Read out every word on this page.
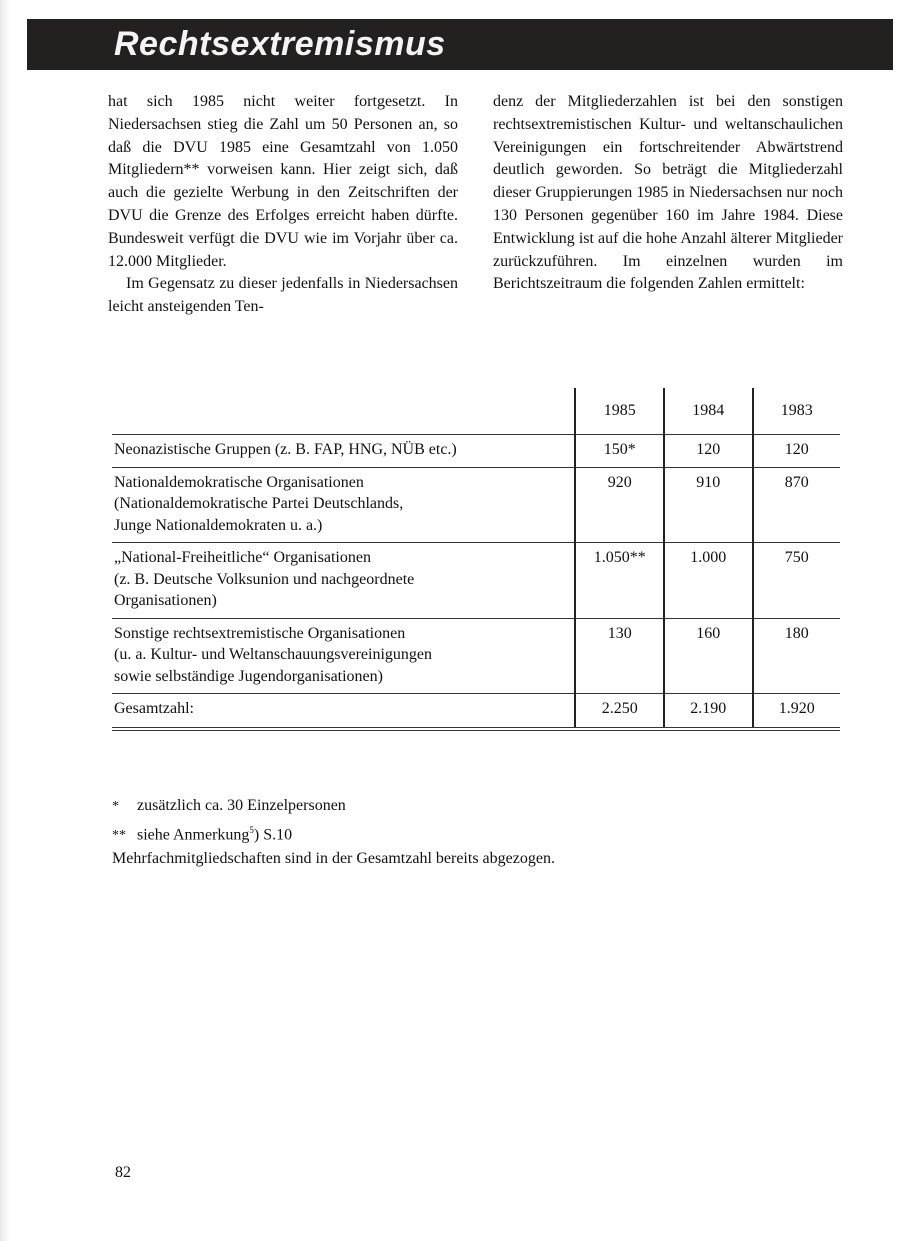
Rechtsextremismus

hat sich 1985 nicht weiter fortgesetzt. In Niedersachsen stieg die Zahl um 50 Personen an, so daß die DVU 1985 eine Gesamtzahl von 1.050 Mitgliedern** vorweisen kann. Hier zeigt sich, daß auch die gezielte Werbung in den Zeitschriften der DVU die Grenze des Erfolges erreicht haben dürfte. Bundesweit verfügt die DVU wie im Vorjahr über ca. 12.000 Mitglieder.

Im Gegensatz zu dieser jedenfalls in Niedersachsen leicht ansteigenden Ten-

denz der Mitgliederzahlen ist bei den sonstigen rechtsextremistischen Kultur- und weltanschaulichen Vereinigungen ein fortschreitender Abwärtstrend deutlich geworden. So beträgt die Mitgliederzahl dieser Gruppierungen 1985 in Niedersachsen nur noch 130 Personen gegenüber 160 im Jahre 1984. Diese Entwicklung ist auf die hohe Anzahl älterer Mitglieder zurückzuführen. Im einzelnen wurden im Berichtszeitraum die folgenden Zahlen ermittelt:

	1985	1984	1983

Neonazistische Gruppen (z. B. FAP, HNG, NÜB etc.)	150*	120	120

Nationaldemokratische Organisationen
(Nationaldemokratische Partei Deutschlands,
Junge Nationaldemokraten u. a.)	920	910	870

„National-Freiheitliche“ Organisationen
(z. B. Deutsche Volksunion und nachgeordnete
Organisationen)	1.050**	1.000	750

Sonstige rechtsextremistische Organisationen
(u. a. Kultur- und Weltanschauungsvereinigungen
sowie selbständige Jugendorganisationen)	130	160	180
Gesamtzahl:	2.250	2.190	1.920

* zusätzlich ca. 30 Einzelpersonen

** siehe Anmerkung$^5$) S.10

Mehrfachmitgliedschaften sind in der Gesamtzahl bereits abgezogen.

82
